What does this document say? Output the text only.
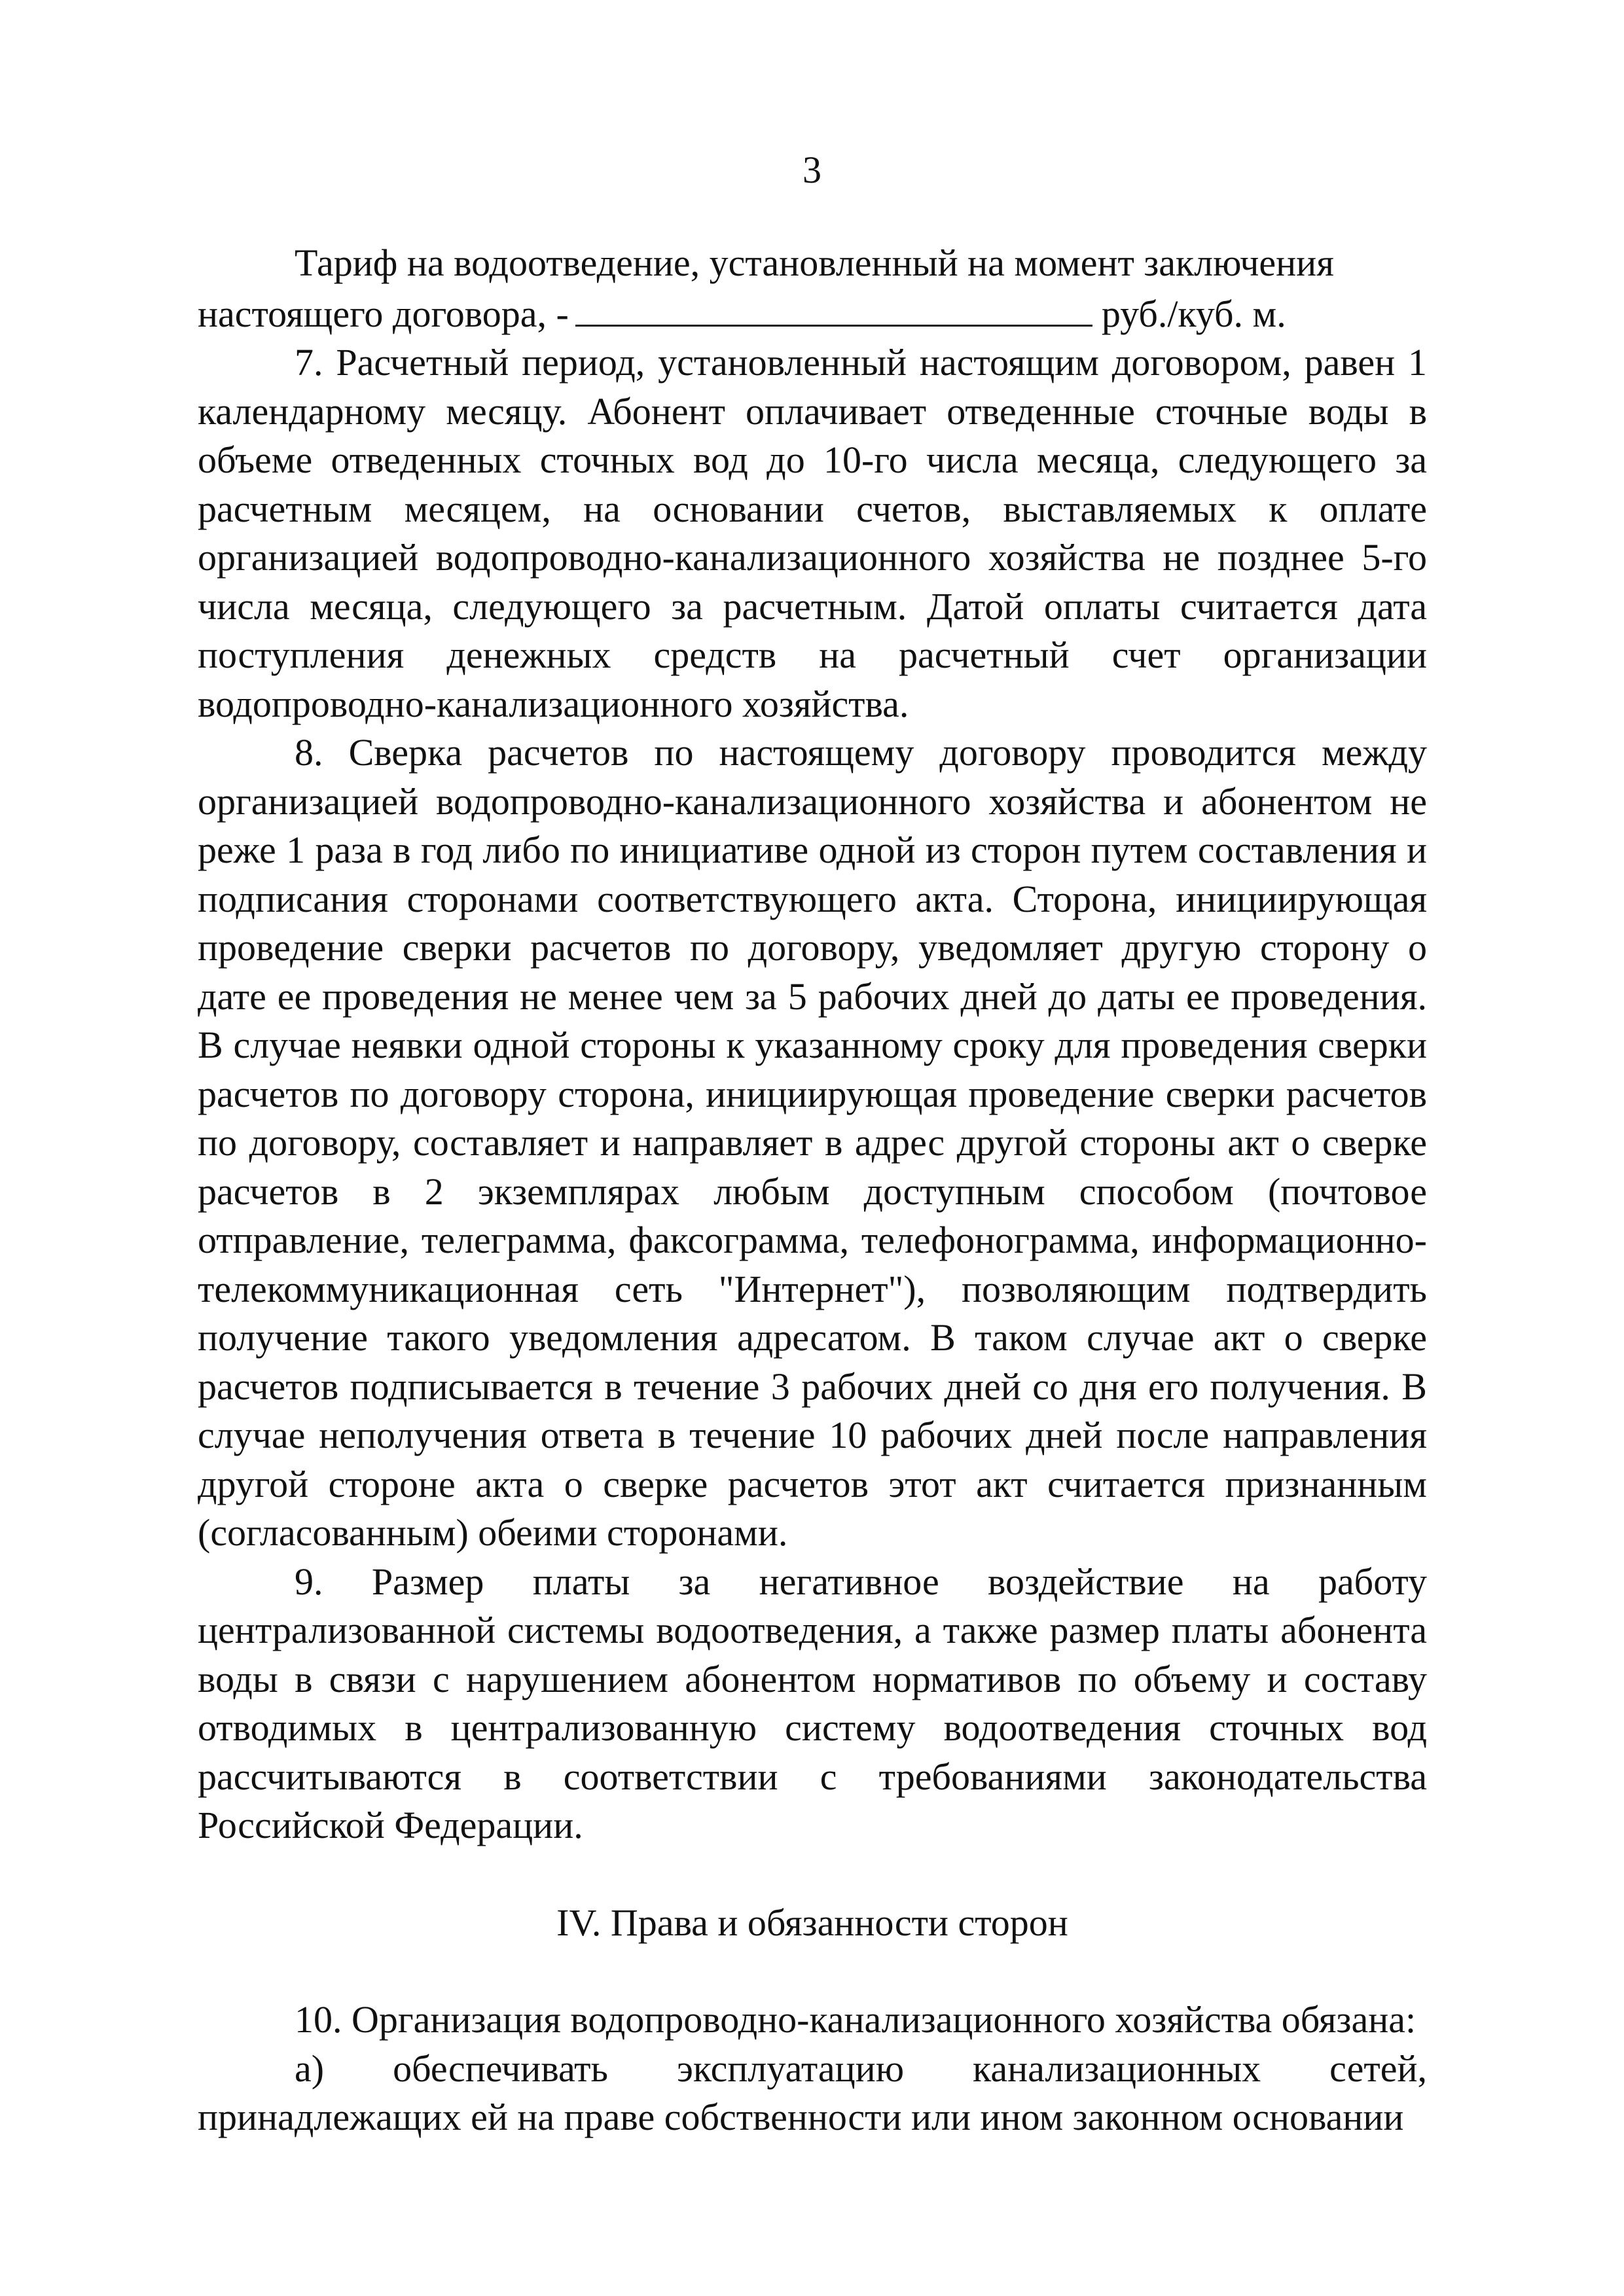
3

Тариф на водоотведение, установленный на момент заключения

настоящего договора, -	руб./куб. м.

7. Расчетный период, установленный настоящим договором, равен 1 календарному месяцу. Абонент оплачивает отведенные сточные воды в объеме отведенных сточных вод до 10-го числа месяца, следующего за расчетным месяцем, на основании счетов, выставляемых к оплате организацией водопроводно-канализационного хозяйства не позднее 5-го числа месяца, следующего за расчетным. Датой оплаты считается дата поступления денежных средств на расчетный счет организации водопроводно-канализационного хозяйства.

8. Сверка расчетов по настоящему договору проводится между организацией водопроводно-канализационного хозяйства и абонентом не реже 1 раза в год либо по инициативе одной из сторон путем составления и подписания сторонами соответствующего акта. Сторона, инициирующая проведение сверки расчетов по договору, уведомляет другую сторону о дате ее проведения не менее чем за 5 рабочих дней до даты ее проведения. В случае неявки одной стороны к указанному сроку для проведения сверки расчетов по договору сторона, инициирующая проведение сверки расчетов по договору, составляет и направляет в адрес другой стороны акт о сверке расчетов в 2 экземплярах любым доступным способом (почтовое отправление, телеграмма, факсограмма, телефонограмма, информационно-телекоммуникационная сеть "Интернет"), позволяющим подтвердить получение такого уведомления адресатом. В таком случае акт о сверке расчетов подписывается в течение 3 рабочих дней со дня его получения. В случае неполучения ответа в течение 10 рабочих дней после направления другой стороне акта о сверке расчетов этот акт считается признанным (согласованным) обеими сторонами.

9. Размер платы за негативное воздействие на работу централизованной системы водоотведения, а также размер платы абонента воды в связи с нарушением абонентом нормативов по объему и составу отводимых в централизованную систему водоотведения сточных вод рассчитываются в соответствии с требованиями законодательства Российской Федерации.

IV. Права и обязанности сторон

10. Организация водопроводно-канализационного хозяйства обязана:

а) обеспечивать эксплуатацию канализационных сетей, принадлежащих ей на праве собственности или ином законном основании
